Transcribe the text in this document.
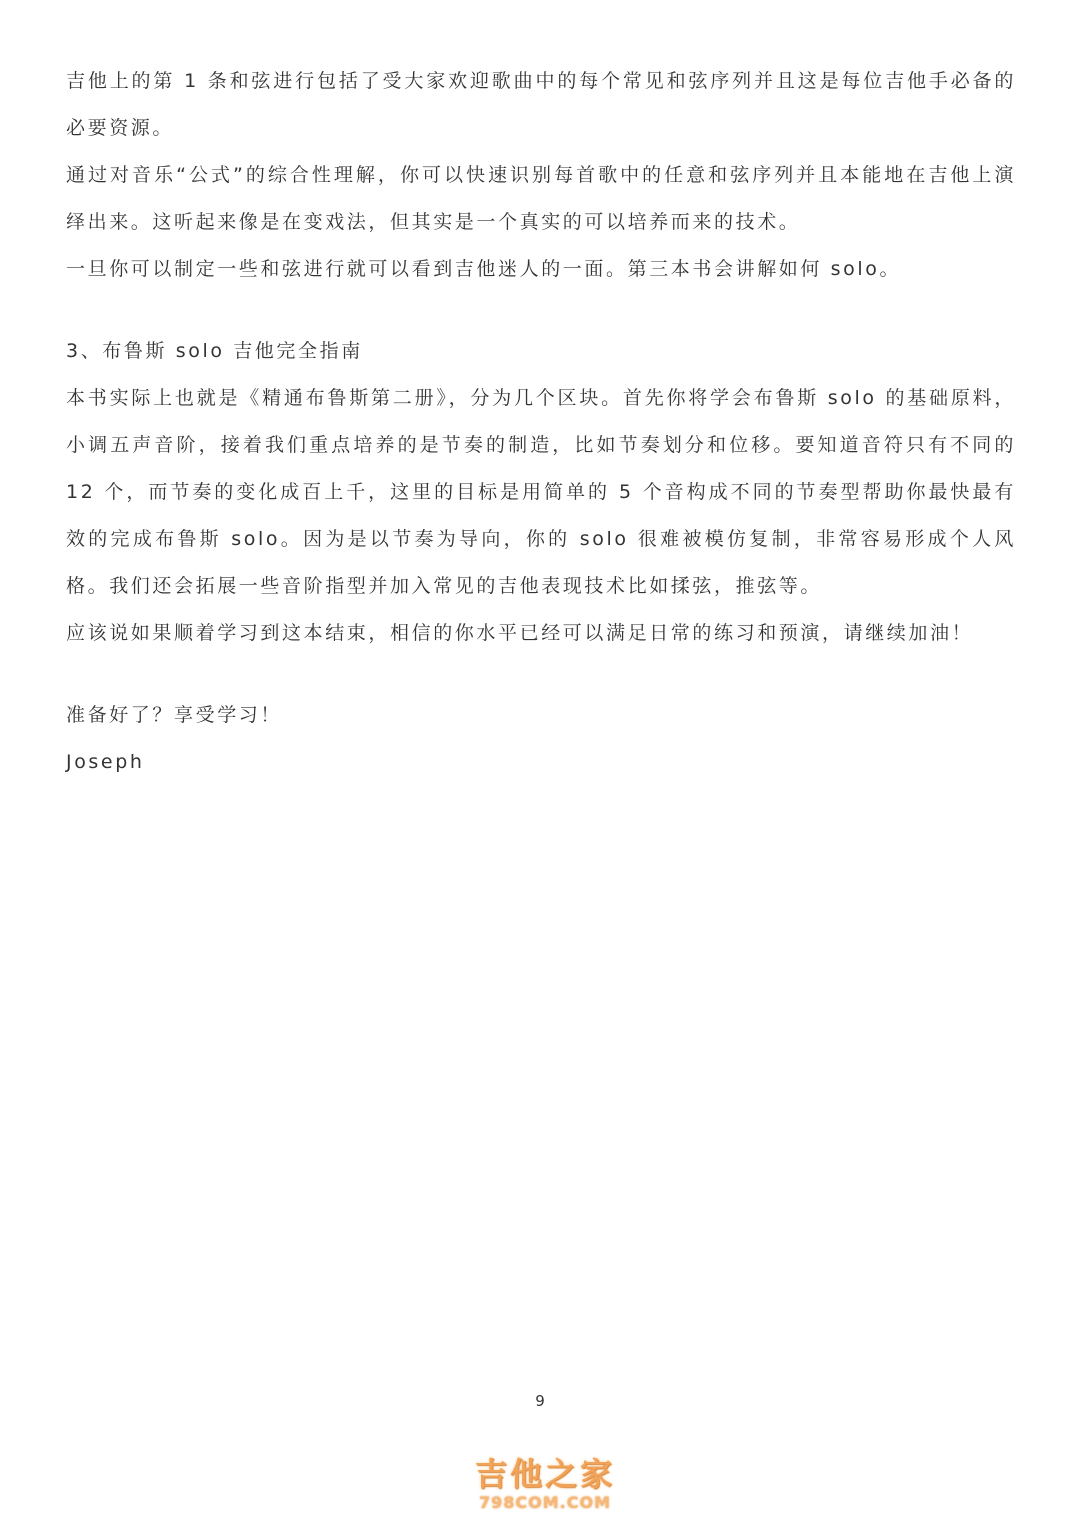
吉他上的第 1 条和弦进行包括了受大家欢迎歌曲中的每个常见和弦序列并且这是每位吉他手必备的必要资源。

通过对音乐“公式”的综合性理解，你可以快速识别每首歌中的任意和弦序列并且本能地在吉他上演绎出来。这听起来像是在变戏法，但其实是一个真实的可以培养而来的技术。

一旦你可以制定一些和弦进行就可以看到吉他迷人的一面。第三本书会讲解如何 solo。

3、布鲁斯 solo 吉他完全指南

本书实际上也就是《精通布鲁斯第二册》，分为几个区块。首先你将学会布鲁斯 solo 的基础原料，小调五声音阶，接着我们重点培养的是节奏的制造，比如节奏划分和位移。要知道音符只有不同的 12 个，而节奏的变化成百上千，这里的目标是用简单的 5 个音构成不同的节奏型帮助你最快最有效的完成布鲁斯 solo。因为是以节奏为导向，你的 solo 很难被模仿复制，非常容易形成个人风格。我们还会拓展一些音阶指型并加入常见的吉他表现技术比如揉弦，推弦等。

应该说如果顺着学习到这本结束，相信的你水平已经可以满足日常的练习和预演，请继续加油！

准备好了？享受学习！

Joseph

9
吉他之家
798COM.COM
